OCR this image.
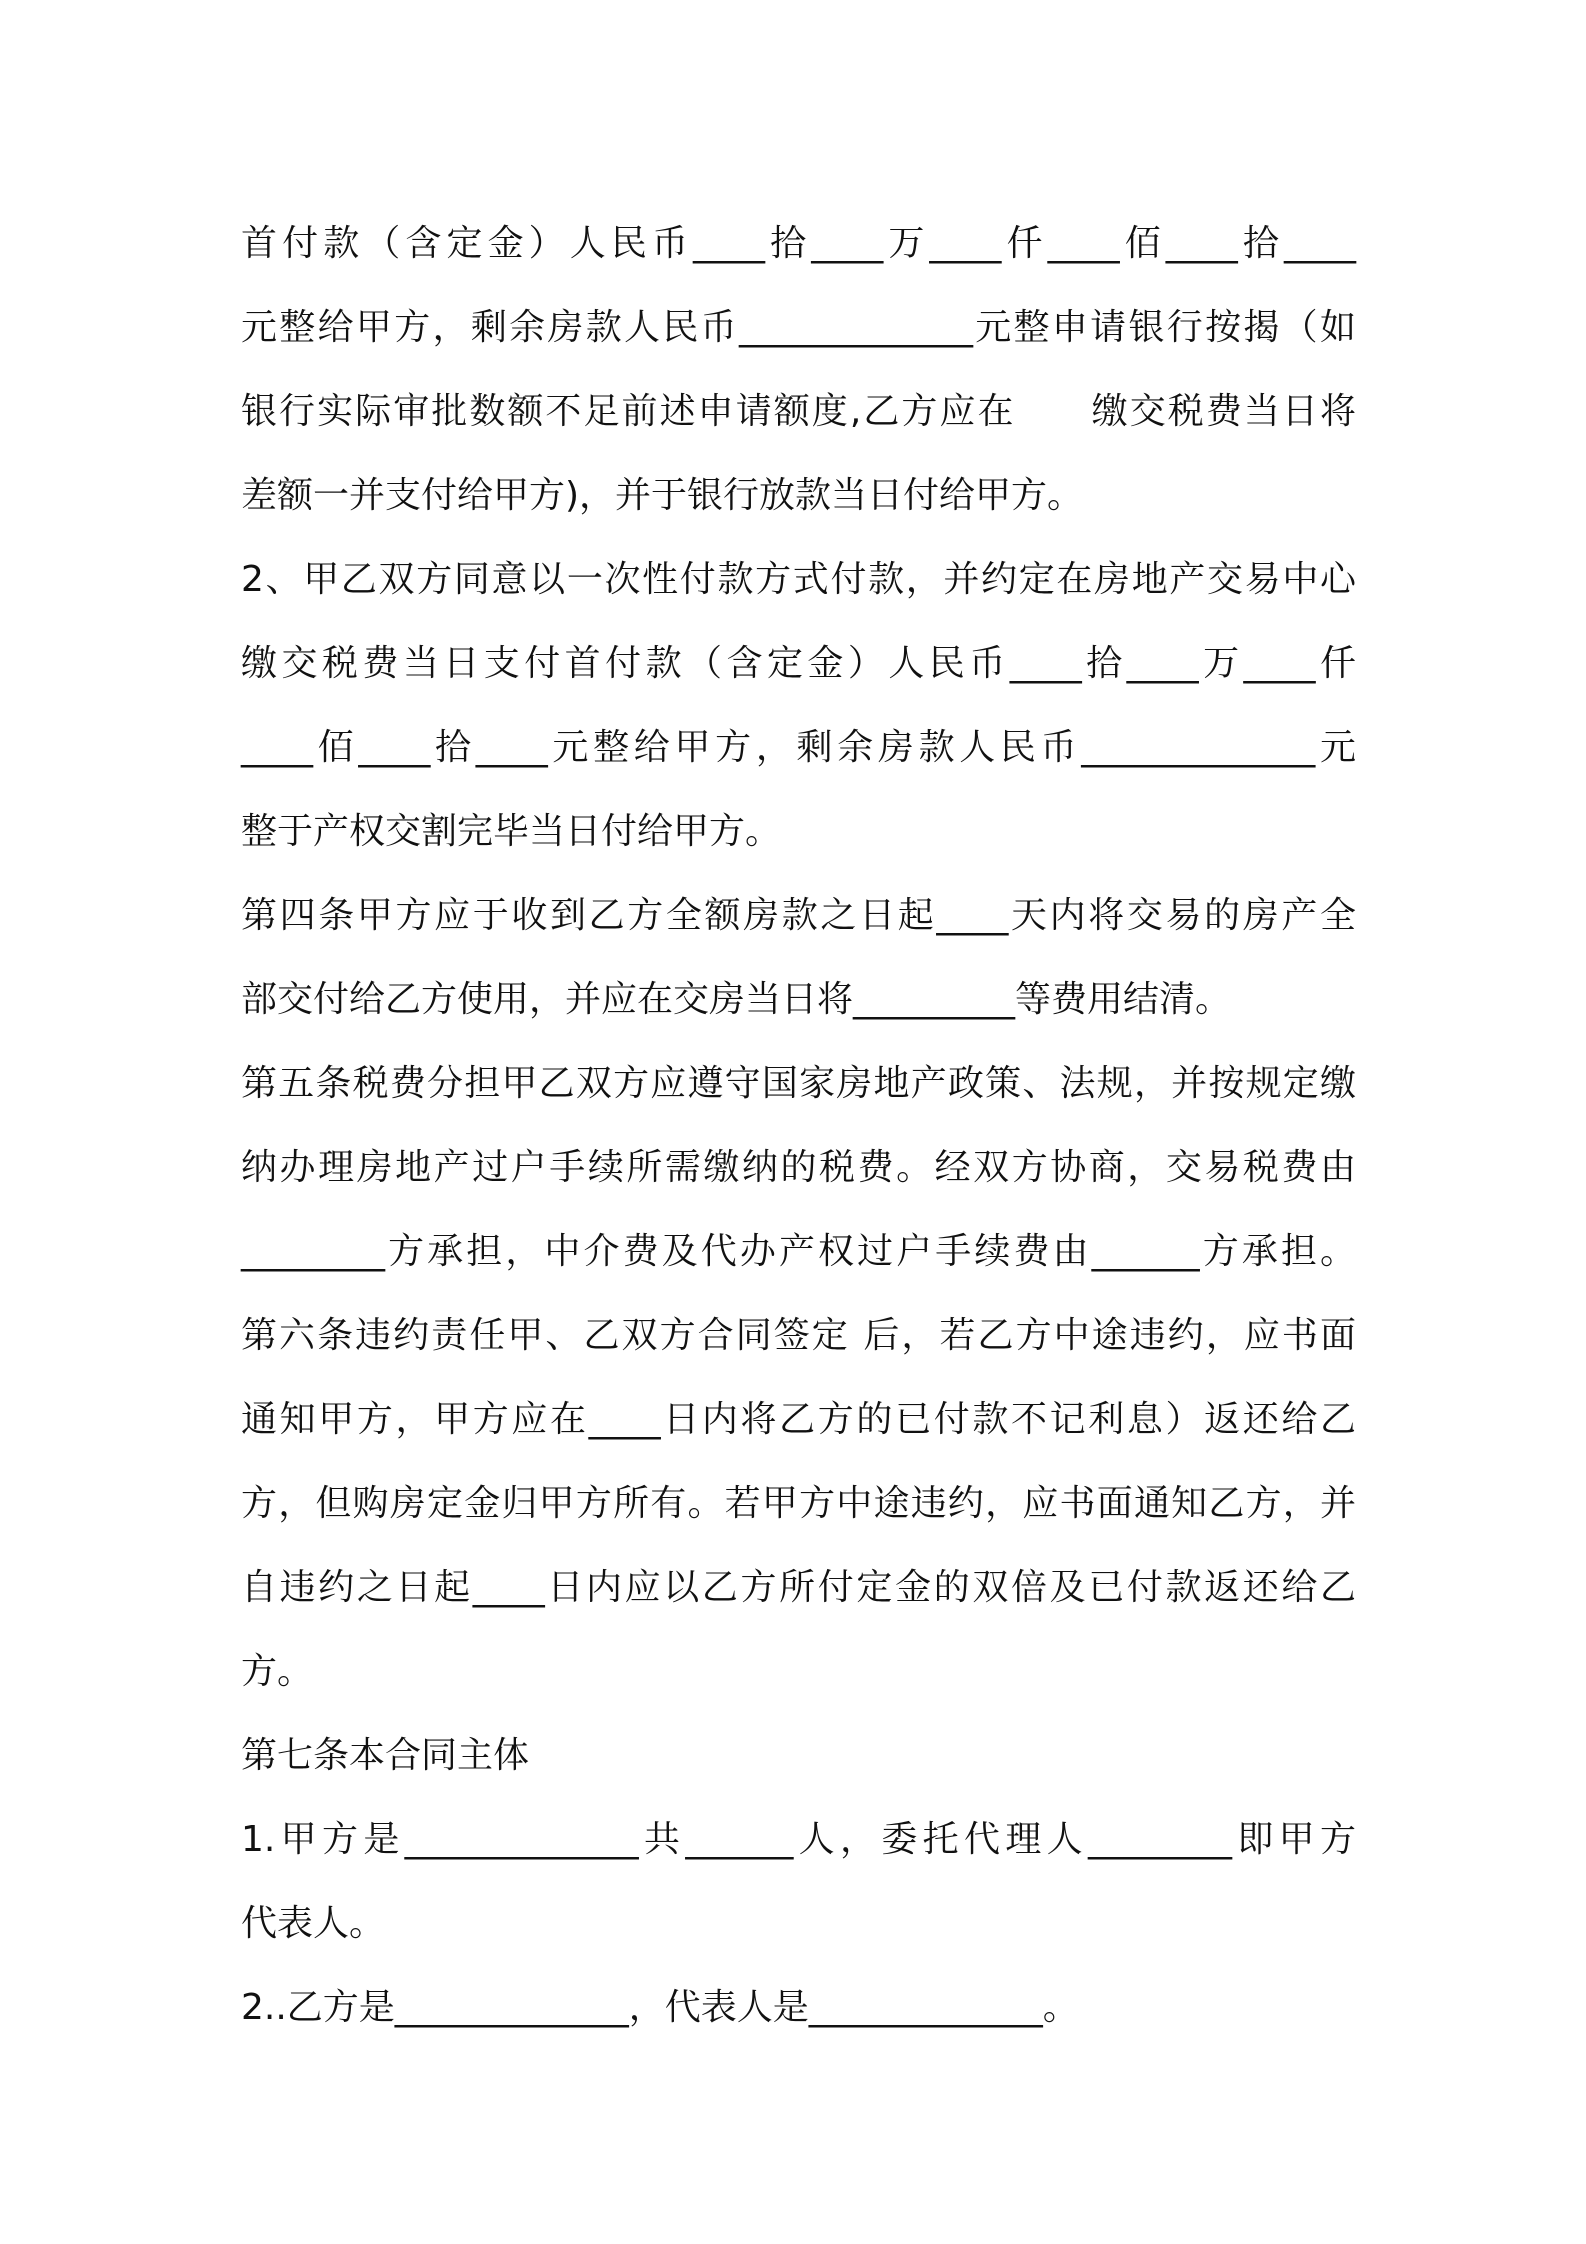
首付款（含定金）人民币____拾____万____仟____佰____拾____
元整给甲方，剩余房款人民币_____________元整申请银行按揭（如
银行实际审批数额不足前述申请额度,乙方应在　　缴交税费当日将
差额一并支付给甲方)，并于银行放款当日付给甲方。
2、甲乙双方同意以一次性付款方式付款，并约定在房地产交易中心
缴交税费当日支付首付款（含定金）人民币____拾____万____仟
____佰____拾____元整给甲方，剩余房款人民币_____________元
整于产权交割完毕当日付给甲方。
第四条甲方应于收到乙方全额房款之日起____天内将交易的房产全
部交付给乙方使用，并应在交房当日将_________等费用结清。
第五条税费分担甲乙双方应遵守国家房地产政策、法规，并按规定缴
纳办理房地产过户手续所需缴纳的税费。经双方协商，交易税费由
________方承担，中介费及代办产权过户手续费由______方承担。
第六条违约责任甲、乙双方合同签定 后，若乙方中途违约，应书面
通知甲方，甲方应在____日内将乙方的已付款不记利息）返还给乙
方，但购房定金归甲方所有。若甲方中途违约，应书面通知乙方，并
自违约之日起____日内应以乙方所付定金的双倍及已付款返还给乙
方。
第七条本合同主体
1.甲方是_____________共______人，委托代理人________即甲方
代表人。
2..乙方是_____________，代表人是_____________。
